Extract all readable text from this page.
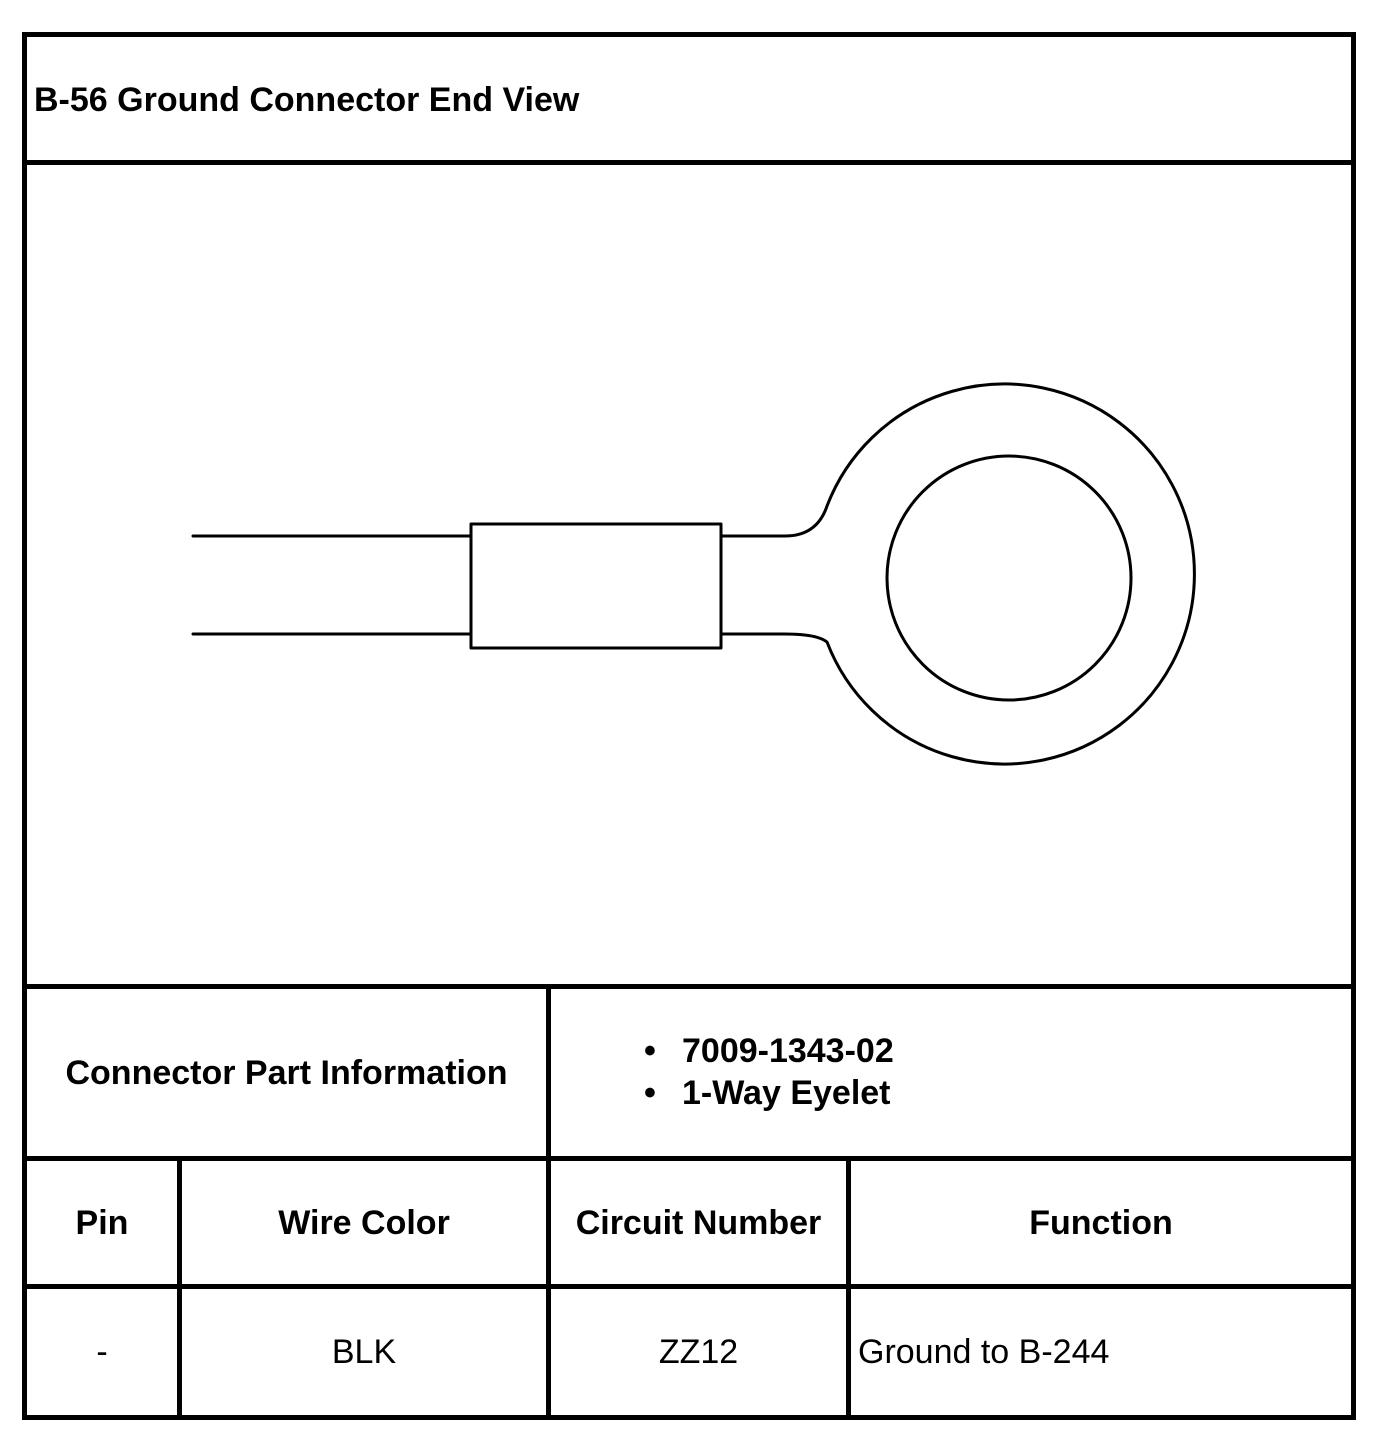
B-56 Ground Connector End View
Connector Part Information
• 7009-1343-02
• 1-Way Eyelet
Pin	Wire Color	Circuit Number	Function
-	BLK	ZZ12	Ground to B-244
